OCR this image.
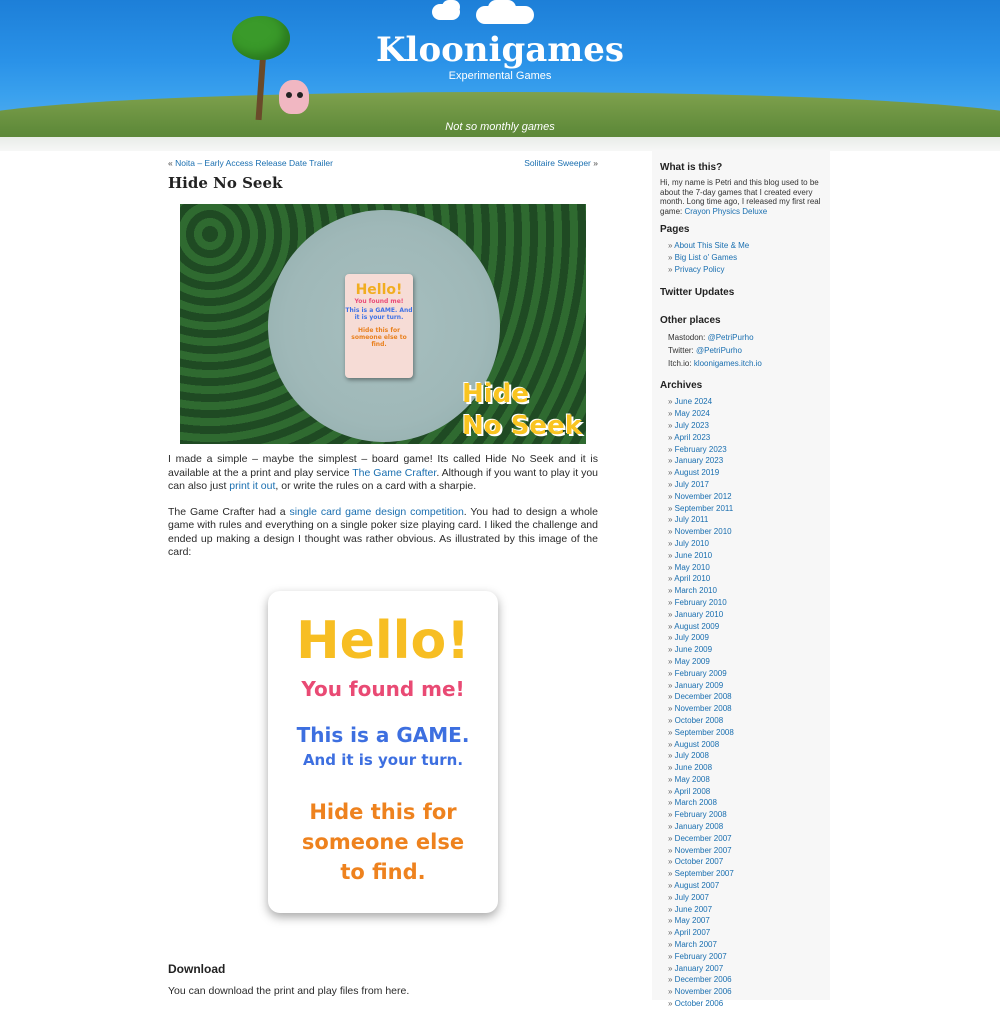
Kloonigames
Experimental Games
Not so monthly games
« Noita – Early Access Release Date Trailer	Solitaire Sweeper »
Hide No Seek
Hello!
You found me!
This is a GAME. And it is your turn.
Hide this for someone else to find.
Hide
No Seek

I made a simple – maybe the simplest – board game! Its called Hide No Seek and it is available at the a print and play service The Game Crafter. Although if you want to play it you can also just print it out, or write the rules on a card with a sharpie.

The Game Crafter had a single card game design competition. You had to design a whole game with rules and everything on a single poker size playing card. I liked the challenge and ended up making a design I thought was rather obvious. As illustrated by this image of the card:

Hello!
You found me!
This is a GAME.
And it is your turn.
Hide this for
someone else
to find.
Download
You can download the print and play files from here.
What is this?
Hi, my name is Petri and this blog used to be about the 7-day games that I created every month. Long time ago, I released my first real game: Crayon Physics Deluxe
Pages
» About This Site & Me
» Big List o' Games
» Privacy Policy
Twitter Updates
Other places
Mastodon: @PetriPurho
Twitter: @PetriPurho
Itch.io: kloonigames.itch.io
Archives
» June 2024
» May 2024
» July 2023
» April 2023
» February 2023
» January 2023
» August 2019
» July 2017
» November 2012
» September 2011
» July 2011
» November 2010
» July 2010
» June 2010
» May 2010
» April 2010
» March 2010
» February 2010
» January 2010
» August 2009
» July 2009
» June 2009
» May 2009
» February 2009
» January 2009
» December 2008
» November 2008
» October 2008
» September 2008
» August 2008
» July 2008
» June 2008
» May 2008
» April 2008
» March 2008
» February 2008
» January 2008
» December 2007
» November 2007
» October 2007
» September 2007
» August 2007
» July 2007
» June 2007
» May 2007
» April 2007
» March 2007
» February 2007
» January 2007
» December 2006
» November 2006
» October 2006
